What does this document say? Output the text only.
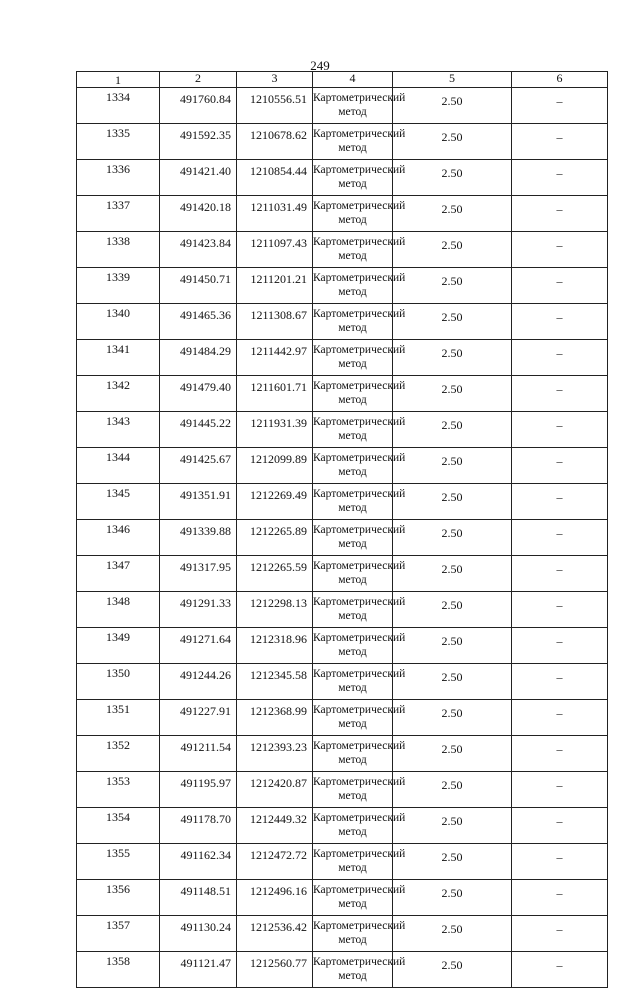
249
1	2	3	4	5	6
1334	491760.84	1210556.51	Картометрический метод	2.50	–
1335	491592.35	1210678.62	Картометрический метод	2.50	–
1336	491421.40	1210854.44	Картометрический метод	2.50	–
1337	491420.18	1211031.49	Картометрический метод	2.50	–
1338	491423.84	1211097.43	Картометрический метод	2.50	–
1339	491450.71	1211201.21	Картометрический метод	2.50	–
1340	491465.36	1211308.67	Картометрический метод	2.50	–
1341	491484.29	1211442.97	Картометрический метод	2.50	–
1342	491479.40	1211601.71	Картометрический метод	2.50	–
1343	491445.22	1211931.39	Картометрический метод	2.50	–
1344	491425.67	1212099.89	Картометрический метод	2.50	–
1345	491351.91	1212269.49	Картометрический метод	2.50	–
1346	491339.88	1212265.89	Картометрический метод	2.50	–
1347	491317.95	1212265.59	Картометрический метод	2.50	–
1348	491291.33	1212298.13	Картометрический метод	2.50	–
1349	491271.64	1212318.96	Картометрический метод	2.50	–
1350	491244.26	1212345.58	Картометрический метод	2.50	–
1351	491227.91	1212368.99	Картометрический метод	2.50	–
1352	491211.54	1212393.23	Картометрический метод	2.50	–
1353	491195.97	1212420.87	Картометрический метод	2.50	–
1354	491178.70	1212449.32	Картометрический метод	2.50	–
1355	491162.34	1212472.72	Картометрический метод	2.50	–
1356	491148.51	1212496.16	Картометрический метод	2.50	–
1357	491130.24	1212536.42	Картометрический метод	2.50	–
1358	491121.47	1212560.77	Картометрический метод	2.50	–
